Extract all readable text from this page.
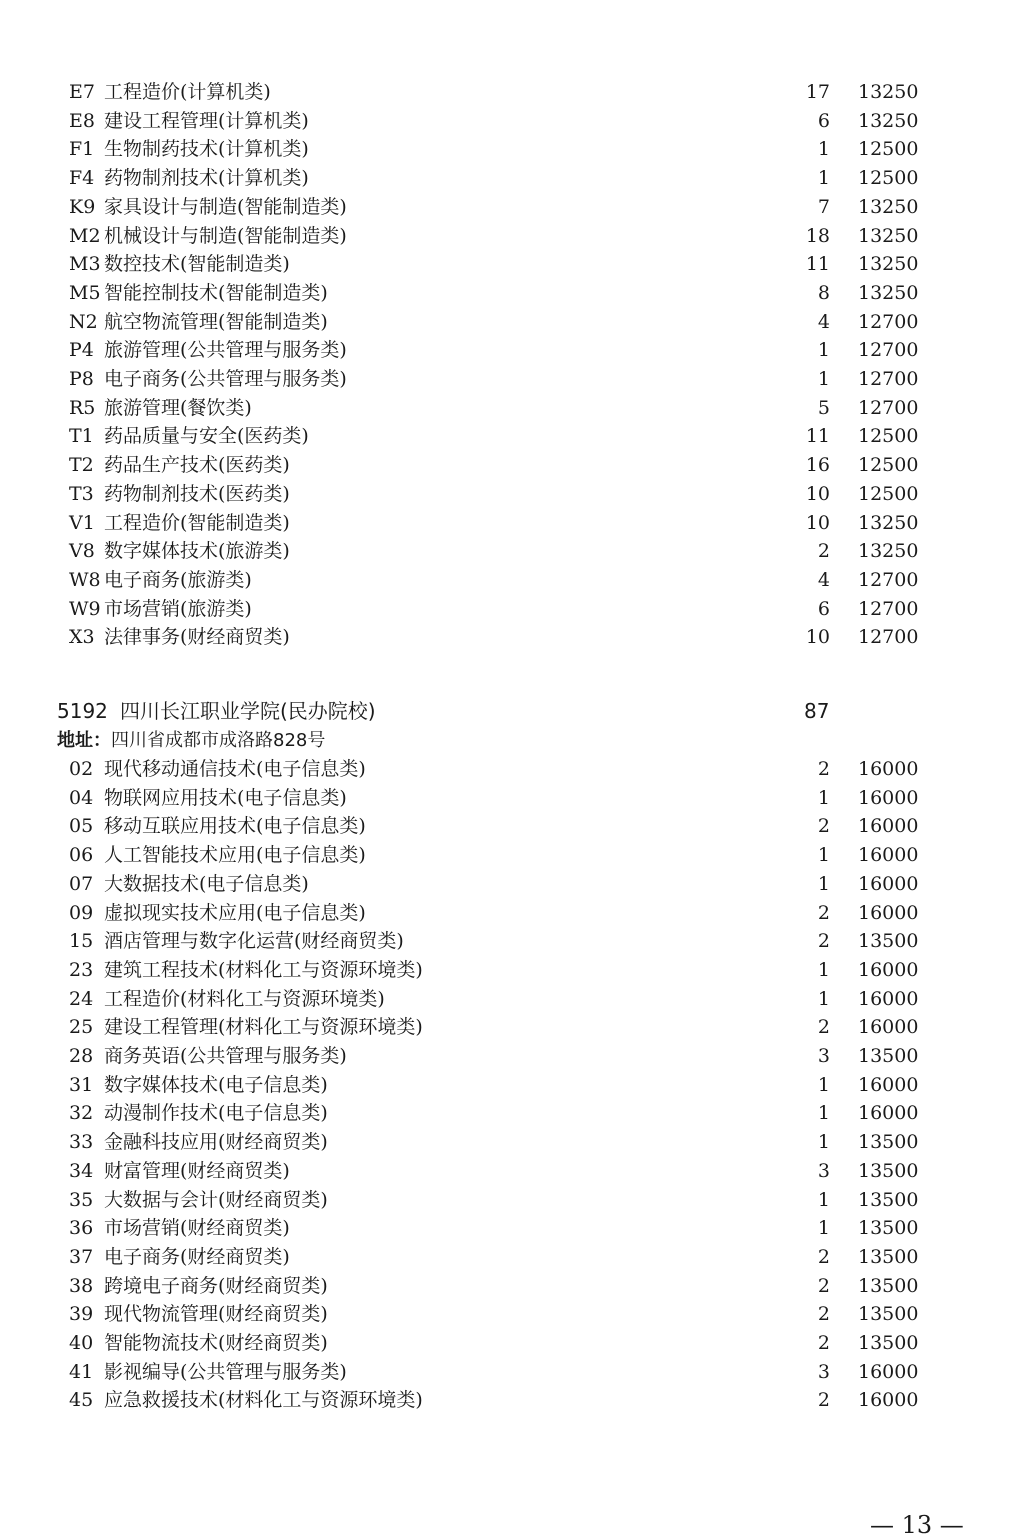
E7 工程造价(计算机类)	17 13250
E8 建设工程管理(计算机类)	6 13250
F1 生物制药技术(计算机类)	1 12500
F4 药物制剂技术(计算机类)	1 12500
K9 家具设计与制造(智能制造类)	7 13250
M2 机械设计与制造(智能制造类)	18 13250
M3 数控技术(智能制造类)	11 13250
M5 智能控制技术(智能制造类)	8 13250
N2 航空物流管理(智能制造类)	4 12700
P4 旅游管理(公共管理与服务类)	1 12700
P8 电子商务(公共管理与服务类)	1 12700
R5 旅游管理(餐饮类)	5 12700
T1 药品质量与安全(医药类)	11 12500
T2 药品生产技术(医药类)	16 12500
T3 药物制剂技术(医药类)	10 12500
V1 工程造价(智能制造类)	10 13250
V8 数字媒体技术(旅游类)	2 13250
W8 电子商务(旅游类)	4 12700
W9 市场营销(旅游类)	6 12700
X3 法律事务(财经商贸类)	10 12700
5192 四川长江职业学院(民办院校)	87
地址：四川省成都市成洛路828号
02 现代移动通信技术(电子信息类)	2 16000
04 物联网应用技术(电子信息类)	1 16000
05 移动互联应用技术(电子信息类)	2 16000
06 人工智能技术应用(电子信息类)	1 16000
07 大数据技术(电子信息类)	1 16000
09 虚拟现实技术应用(电子信息类)	2 16000
15 酒店管理与数字化运营(财经商贸类)	2 13500
23 建筑工程技术(材料化工与资源环境类)	1 16000
24 工程造价(材料化工与资源环境类)	1 16000
25 建设工程管理(材料化工与资源环境类)	2 16000
28 商务英语(公共管理与服务类)	3 13500
31 数字媒体技术(电子信息类)	1 16000
32 动漫制作技术(电子信息类)	1 16000
33 金融科技应用(财经商贸类)	1 13500
34 财富管理(财经商贸类)	3 13500
35 大数据与会计(财经商贸类)	1 13500
36 市场营销(财经商贸类)	1 13500
37 电子商务(财经商贸类)	2 13500
38 跨境电子商务(财经商贸类)	2 13500
39 现代物流管理(财经商贸类)	2 13500
40 智能物流技术(财经商贸类)	2 13500
41 影视编导(公共管理与服务类)	3 16000
45 应急救援技术(材料化工与资源环境类)	2 16000
— 13 —
